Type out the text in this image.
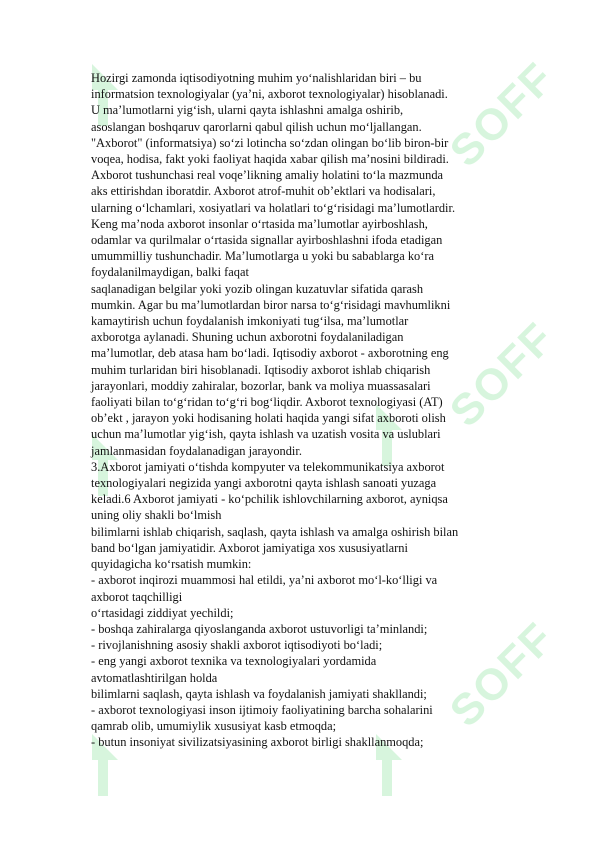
SOFF
SOFF
SOFF

Hozirgi zamonda iqtisodiyotning muhim yo‘nalishlaridan biri – bu

informatsion texnologiyalar (ya’ni, axborot texnologiyalar) hisoblanadi.

U ma’lumotlarni yig‘ish, ularni qayta ishlashni amalga oshirib,

asoslangan boshqaruv qarorlarni qabul qilish uchun mo‘ljallangan.

"Axborot" (informatsiya) so‘zi lotincha so‘zdan olingan bo‘lib biron-bir

voqea, hodisa, fakt yoki faoliyat haqida xabar qilish ma’nosini bildiradi.

Axborot tushunchasi real voqe’likning amaliy holatini to‘la mazmunda

aks ettirishdan iboratdir. Axborot atrof-muhit ob’ektlari va hodisalari,

ularning o‘lchamlari, xosiyatlari va holatlari to‘g‘risidagi ma’lumotlardir.

Keng ma’noda axborot insonlar o‘rtasida ma’lumotlar ayirboshlash,

odamlar va qurilmalar o‘rtasida signallar ayirboshlashni ifoda etadigan

umummilliy tushunchadir. Ma’lumotlarga u yoki bu sabablarga ko‘ra

foydalanilmaydigan, balki faqat

saqlanadigan belgilar yoki yozib olingan kuzatuvlar sifatida qarash

mumkin. Agar bu ma’lumotlardan biror narsa to‘g‘risidagi mavhumlikni

kamaytirish uchun foydalanish imkoniyati tug‘ilsa, ma’lumotlar

axborotga aylanadi. Shuning uchun axborotni foydalaniladigan

ma’lumotlar, deb atasa ham bo‘ladi. Iqtisodiy axborot - axborotning eng

muhim turlaridan biri hisoblanadi. Iqtisodiy axborot ishlab chiqarish

jarayonlari, moddiy zahiralar, bozorlar, bank va moliya muassasalari

faoliyati bilan to‘g‘ridan to‘g‘ri bog‘liqdir. Axborot texnologiyasi (AT)

ob’ekt , jarayon yoki hodisaning holati haqida yangi sifat axboroti olish

uchun ma’lumotlar yig‘ish, qayta ishlash va uzatish vosita va uslublari

jamlanmasidan foydalanadigan jarayondir.

3.Axborot jamiyati o‘tishda kompyuter va telekommunikatsiya axborot

texnologiyalari negizida yangi axborotni qayta ishlash sanoati yuzaga

keladi.6 Axborot jamiyati - ko‘pchilik ishlovchilarning axborot, ayniqsa

uning oliy shakli bo‘lmish

bilimlarni ishlab chiqarish, saqlash, qayta ishlash va amalga oshirish bilan

band bo‘lgan jamiyatidir. Axborot jamiyatiga xos xususiyatlarni

quyidagicha ko‘rsatish mumkin:

- axborot inqirozi muammosi hal etildi, ya’ni axborot mo‘l-ko‘lligi va

axborot taqchilligi

o‘rtasidagi ziddiyat yechildi;

- boshqa zahiralarga qiyoslanganda axborot ustuvorligi ta’minlandi;

- rivojlanishning asosiy shakli axborot iqtisodiyoti bo‘ladi;

- eng yangi axborot texnika va texnologiyalari yordamida

avtomatlashtirilgan holda

bilimlarni saqlash, qayta ishlash va foydalanish jamiyati shakllandi;

- axborot texnologiyasi inson ijtimoiy faoliyatining barcha sohalarini

qamrab olib, umumiylik xususiyat kasb etmoqda;

- butun insoniyat sivilizatsiyasining axborot birligi shakllanmoqda;
